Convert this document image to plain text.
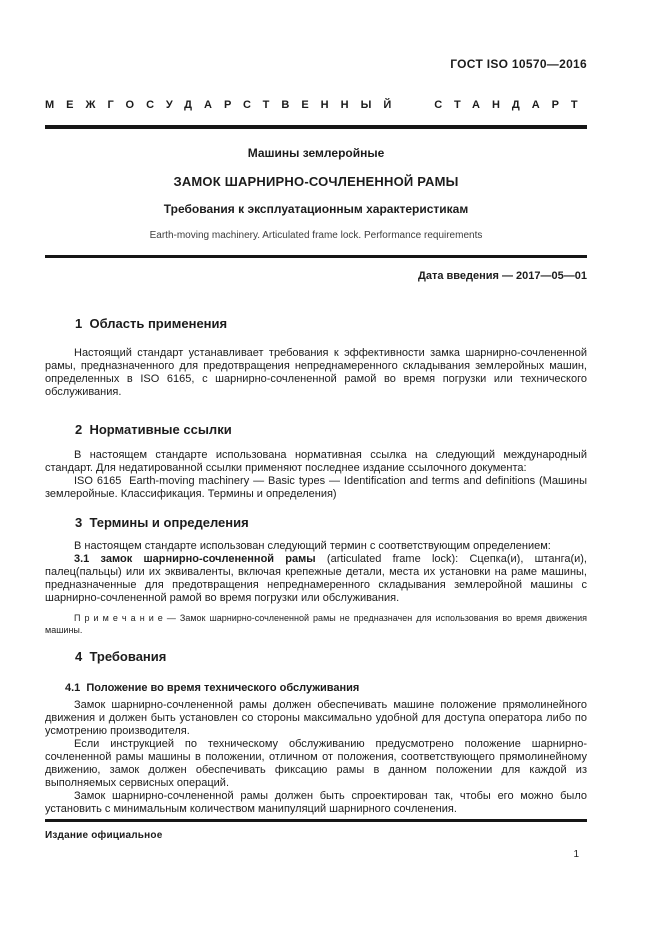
ГОСТ ISO 10570—2016
МЕЖГОСУДАРСТВЕННЫЙ СТАНДАРТ
Машины землеройные
ЗАМОК ШАРНИРНО-СОЧЛЕНЕННОЙ РАМЫ
Требования к эксплуатационным характеристикам
Earth-moving machinery. Articulated frame lock. Performance requirements
Дата введения — 2017—05—01
1  Область применения

Настоящий стандарт устанавливает требования к эффективности замка шарнирно-сочлененной рамы, предназначенного для предотвращения непреднамеренного складывания землеройных машин, определенных в ISO 6165, с шарнирно-сочлененной рамой во время погрузки или технического обслуживания.

2  Нормативные ссылки

В настоящем стандарте использована нормативная ссылка на следующий международный стандарт. Для недатированной ссылки применяют последнее издание ссылочного документа:

ISO 6165  Earth-moving machinery — Basic types — Identification and terms and definitions (Машины землеройные. Классификация. Термины и определения)

3  Термины и определения

В настоящем стандарте использован следующий термин с соответствующим определением:

3.1 замок шарнирно-сочлененной рамы (articulated frame lock): Сцепка(и), штанга(и), палец(пальцы) или их эквиваленты, включая крепежные детали, места их установки на раме машины, предназначенные для предотвращения непреднамеренного складывания землеройной машины с шарнирно-сочлененной рамой во время погрузки или обслуживания.

П р и м е ч а н и е — Замок шарнирно-сочлененной рамы не предназначен для использования во время движения машины.

4  Требования
4.1  Положение во время технического обслуживания

Замок шарнирно-сочлененной рамы должен обеспечивать машине положение прямолинейного движения и должен быть установлен со стороны максимально удобной для доступа оператора либо по усмотрению производителя.

Если инструкцией по техническому обслуживанию предусмотрено положение шарнирно-сочлененной рамы машины в положении, отличном от положения, соответствующего прямолинейному движению, замок должен обеспечивать фиксацию рамы в данном положении для каждой из выполняемых сервисных операций.

Замок шарнирно-сочлененной рамы должен быть спроектирован так, чтобы его можно было установить с минимальным количеством манипуляций шарнирного сочленения.

Издание официальное
1
